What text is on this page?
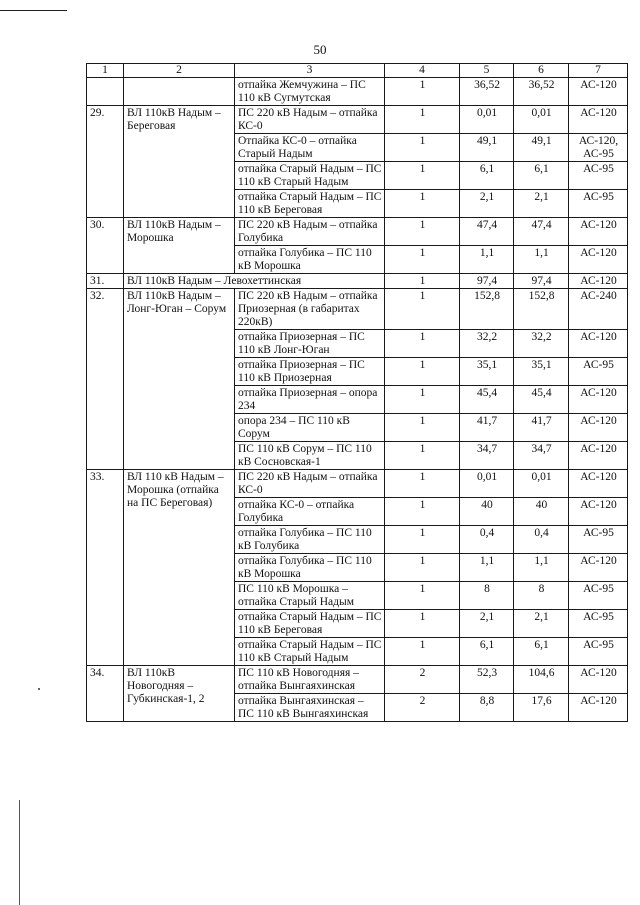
50
1	2	3	4	5	6	7
		отпайка Жемчужина – ПС 110 кВ Сугмутская	1	36,52	36,52	АС-120
29.	ВЛ 110кВ Надым – Береговая	ПС 220 кВ Надым – отпайка КС-0	1	0,01	0,01	АС-120
		Отпайка КС-0 – отпайка Старый Надым	1	49,1	49,1	АС-120, АС-95
		отпайка Старый Надым – ПС 110 кВ Старый Надым	1	6,1	6,1	АС-95
		отпайка Старый Надым – ПС 110 кВ Береговая	1	2,1	2,1	АС-95
30.	ВЛ 110кВ Надым – Морошка	ПС 220 кВ Надым – отпайка Голубика	1	47,4	47,4	АС-120
		отпайка Голубика – ПС 110 кВ Морошка	1	1,1	1,1	АС-120
31.	ВЛ 110кВ Надым – Левохеттинская		1	97,4	97,4	АС-120
32.	ВЛ 110кВ Надым – Лонг-Юган – Сорум	ПС 220 кВ Надым – отпайка Приозерная (в габаритах 220кВ)	1	152,8	152,8	АС-240
		отпайка Приозерная – ПС 110 кВ Лонг-Юган	1	32,2	32,2	АС-120
		отпайка Приозерная – ПС 110 кВ Приозерная	1	35,1	35,1	АС-95
		отпайка Приозерная – опора 234	1	45,4	45,4	АС-120
		опора 234 – ПС 110 кВ Сорум	1	41,7	41,7	АС-120
		ПС 110 кВ Сорум – ПС 110 кВ Сосновская-1	1	34,7	34,7	АС-120
33.	ВЛ 110 кВ Надым – Морошка (отпайка на ПС Береговая)	ПС 220 кВ Надым – отпайка КС-0	1	0,01	0,01	АС-120
		отпайка КС-0 – отпайка Голубика	1	40	40	АС-120
		отпайка Голубика – ПС 110 кВ Голубика	1	0,4	0,4	АС-95
		отпайка Голубика – ПС 110 кВ Морошка	1	1,1	1,1	АС-120
		ПС 110 кВ Морошка – отпайка Старый Надым	1	8	8	АС-95
		отпайка Старый Надым – ПС 110 кВ Береговая	1	2,1	2,1	АС-95
		отпайка Старый Надым – ПС 110 кВ Старый Надым	1	6,1	6,1	АС-95
34.	ВЛ 110кВ Новогодняя – Губкинская-1, 2	ПС 110 кВ Новогодняя – отпайка Вынгаяхинская	2	52,3	104,6	АС-120
		отпайка Вынгаяхинская – ПС 110 кВ Вынгаяхинская	2	8,8	17,6	АС-120
